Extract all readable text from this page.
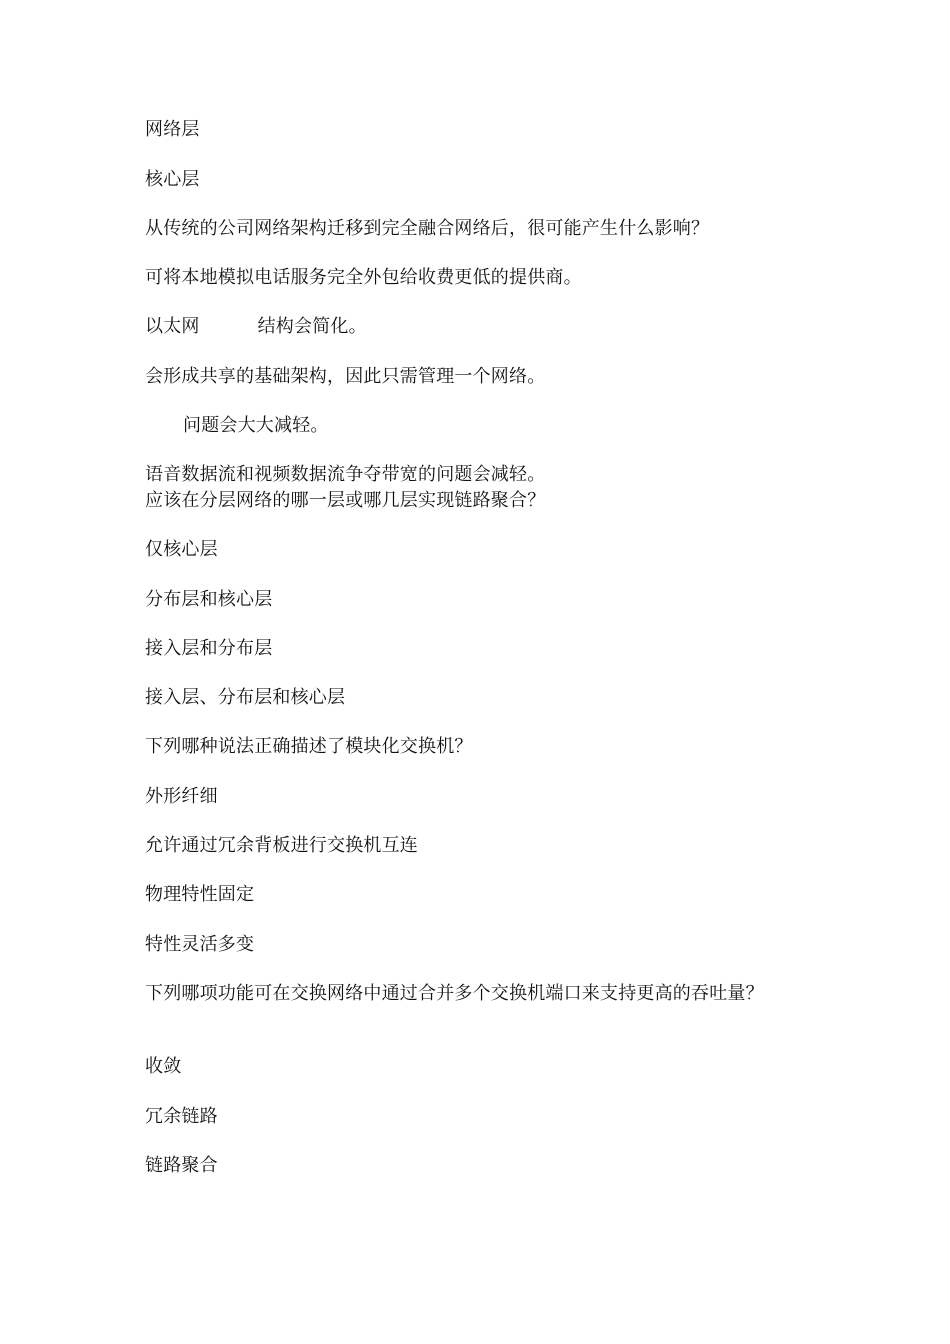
网络层
核心层
从传统的公司网络架构迁移到完全融合网络后，很可能产生什么影响？
可将本地模拟电话服务完全外包给收费更低的提供商。
以太网	结构会简化。
会形成共享的基础架构，因此只需管理一个网络。
问题会大大减轻。
语音数据流和视频数据流争夺带宽的问题会减轻。
应该在分层网络的哪一层或哪几层实现链路聚合？
仅核心层
分布层和核心层
接入层和分布层
接入层、分布层和核心层
下列哪种说法正确描述了模块化交换机？
外形纤细
允许通过冗余背板进行交换机互连
物理特性固定
特性灵活多变
下列哪项功能可在交换网络中通过合并多个交换机端口来支持更高的吞吐量？
收敛
冗余链路
链路聚合
